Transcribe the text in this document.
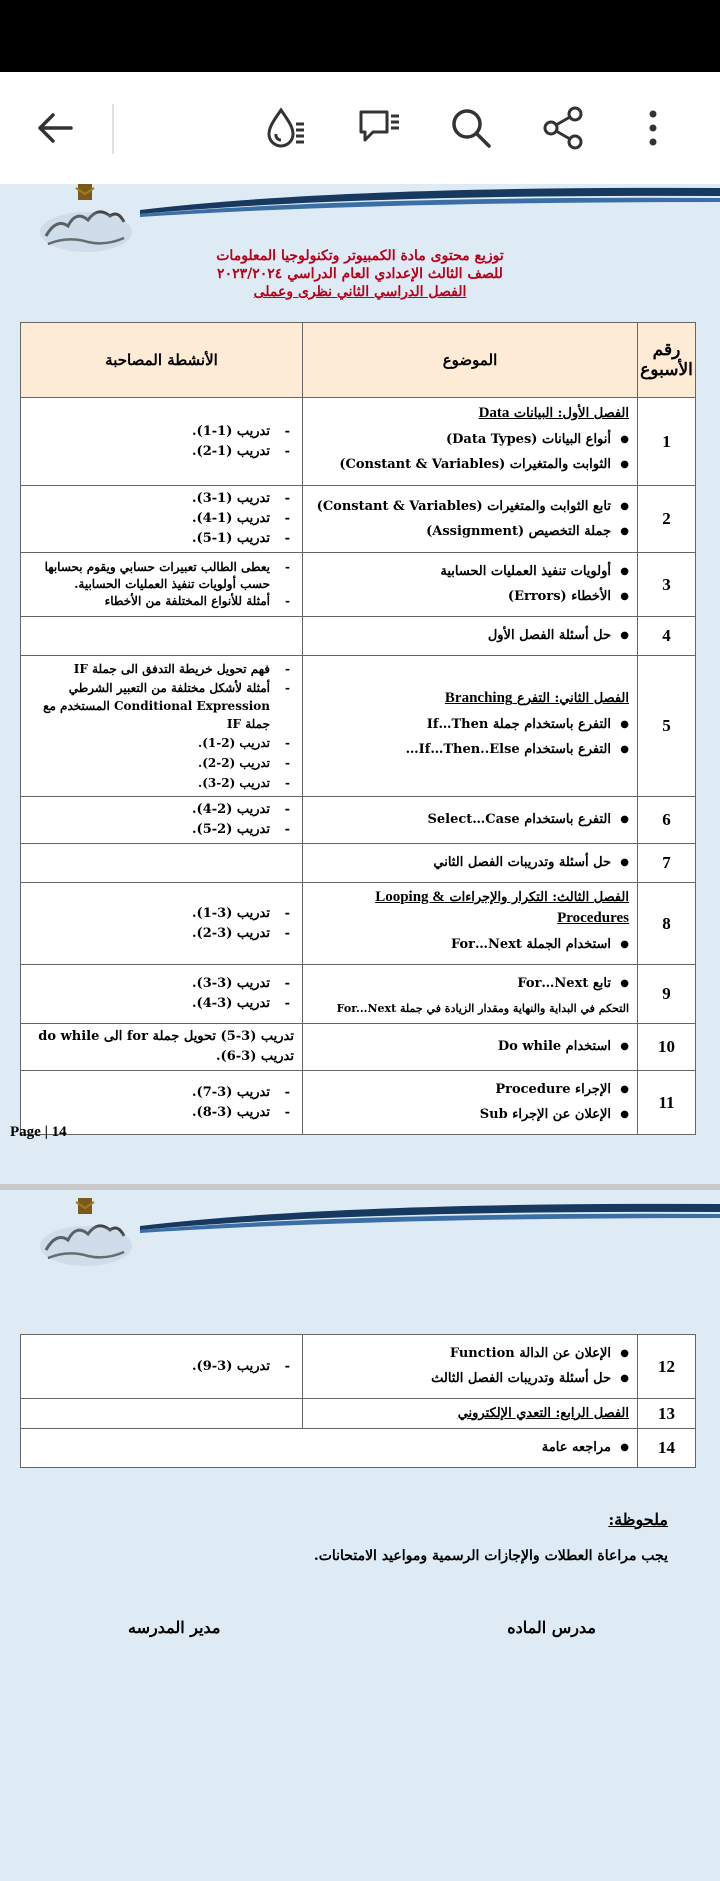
توزيع محتوى مادة الكمبيوتر وتكنولوجيا المعلومات
للصف الثالث الإعدادي العام الدراسي ٢٠٢٣/٢٠٢٤
الفصل الدراسي الثاني نظرى وعملى
رقم الأسبوع	الموضوع	الأنشطة المصاحبة
1	الفصل الأول: البيانات Data
● أنواع البيانات (Data Types)
● الثوابت والمتغيرات (Constant & Variables)	- تدريب (1-1).
- تدريب (1-2).

2	● تابع الثوابت والمتغيرات (Constant & Variables)
● جملة التخصيص (Assignment)	- تدريب (1-3).
- تدريب (1-4).
- تدريب (1-5).

3	● أولويات تنفيذ العمليات الحسابية
● الأخطاء (Errors)	- يعطى الطالب تعبيرات حسابي ويقوم بحسابها حسب أولويات تنفيذ العمليات الحسابية.
- أمثلة للأنواع المختلفة من الأخطاء

4	● حل أسئلة الفصل الأول

5	الفصل الثاني: التفرع Branching
● التفرع باستخدام جملة If…Then
● التفرع باستخدام If…Then..Else…	- فهم تحويل خريطة التدفق الى جملة IF
- أمثلة لأشكل مختلفة من التعبير الشرطي Conditional Expression المستخدم مع جملة IF
- تدريب (2-1).
- تدريب (2-2).
- تدريب (2-3).

6	● التفرع باستخدام Select…Case	- تدريب (2-4).
- تدريب (2-5).

7	● حل أسئلة وتدريبات الفصل الثاني

8	الفصل الثالث: التكرار والإجراءات Looping & Procedures
● استخدام الجملة For…Next	- تدريب (3-1).
- تدريب (3-2).

9	● تابع For…Next
التحكم في البداية والنهاية ومقدار الزيادة في جملة For...Next	- تدريب (3-3).
- تدريب (3-4).

10	● استخدام Do while	تدريب (3-5) تحويل جملة for الى do while
تدريب (3-6).

11	● الإجراء Procedure
● الإعلان عن الإجراء Sub	- تدريب (3-7).
- تدريب (3-8).
Page | 14
12	● الإعلان عن الدالة Function
● حل أسئلة وتدريبات الفصل الثالث	- تدريب (3-9).

13	الفصل الرابع: التعدي الإلكتروني	

14	● مراجعه عامة
ملحوظة:
يجب مراعاة العطلات والإجازات الرسمية ومواعيد الامتحانات.
مدرس الماده
مدير المدرسه
